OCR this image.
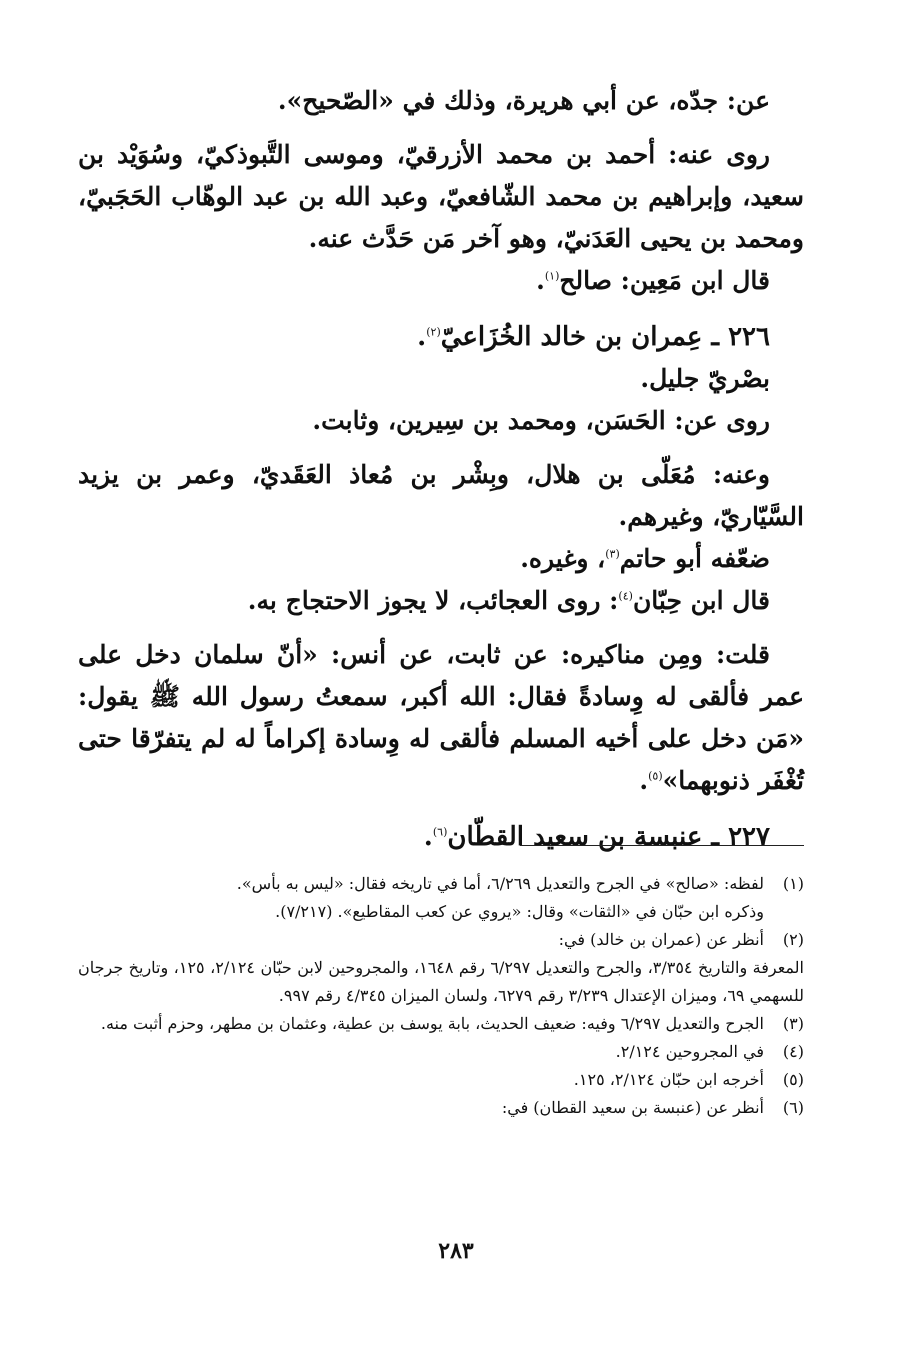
عن: جدّه، عن أبي هريرة، وذلك في «الصّحيح».

روى عنه: أحمد بن محمد الأزرقيّ، وموسى التَّبوذكيّ، وسُوَيْد بن سعيد، وإبراهيم بن محمد الشّافعيّ، وعبد الله بن عبد الوهّاب الحَجَبيّ، ومحمد بن يحيى العَدَنيّ، وهو آخر مَن حَدَّث عنه.

قال ابن مَعِين: صالح$^{(١)}$.

٢٢٦ ـ عِمران بن خالد الخُزَاعيّ$^{(٢)}$.

بصْريّ جليل.

روى عن: الحَسَن، ومحمد بن سِيرين، وثابت.

وعنه: مُعَلّى بن هلال، وبِشْر بن مُعاذ العَقَديّ، وعمر بن يزيد السَّيّاريّ، وغيرهم.

ضعّفه أبو حاتم$^{(٣)}$، وغيره.

قال ابن حِبّان$^{(٤)}$: روى العجائب، لا يجوز الاحتجاج به.

قلت: ومِن مناكيره: عن ثابت، عن أنس: «أنّ سلمان دخل على عمر فألقى له وِسادةً فقال: الله أكبر، سمعتُ رسول الله ﷺ يقول: «مَن دخل على أخيه المسلم فألقى له وِسادة إكراماً له لم يتفرّقا حتى تُغْفَر ذنوبهما»$^{(٥)}$.

٢٢٧ ـ عنبسة بن سعيد القطّان$^{(٦)}$.

(١)

لفظه: «صالح» في الجرح والتعديل ٦/٢٦٩، أما في تاريخه فقال: «ليس به بأس».

وذكره ابن حبّان في «الثقات» وقال: «يروي عن كعب المقاطيع». (٧/٢١٧).

(٢)

أنظر عن (عمران بن خالد) في:

المعرفة والتاريخ ٣/٣٥٤، والجرح والتعديل ٦/٢٩٧ رقم ١٦٤٨، والمجروحين لابن حبّان ٢/١٢٤، ١٢٥، وتاريخ جرجان للسهمي ٦٩، وميزان الإعتدال ٣/٢٣٩ رقم ٦٢٧٩، ولسان الميزان ٤/٣٤٥ رقم ٩٩٧.

(٣)

الجرح والتعديل ٦/٢٩٧ وفيه: ضعيف الحديث، بابة يوسف بن عطية، وعثمان بن مطهر، وحزم أثبت منه.

(٤)

في المجروحين ٢/١٢٤.

(٥)

أخرجه ابن حبّان ٢/١٢٤، ١٢٥.

(٦)

أنظر عن (عنبسة بن سعيد القطان) في:

٢٨٣
